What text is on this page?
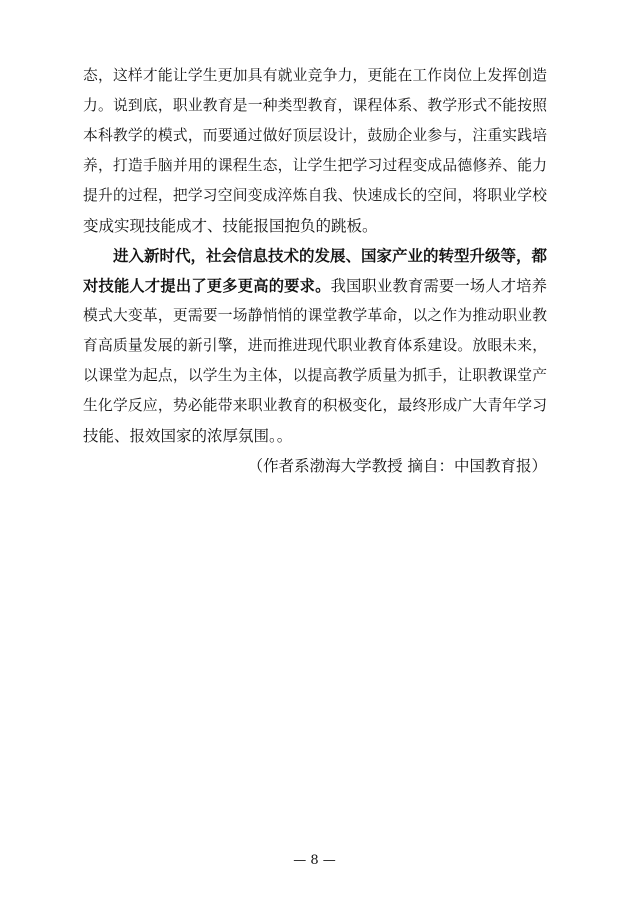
态，这样才能让学生更加具有就业竞争力，更能在工作岗位上发挥创造
力。说到底，职业教育是一种类型教育，课程体系、教学形式不能按照
本科教学的模式，而要通过做好顶层设计，鼓励企业参与，注重实践培
养，打造手脑并用的课程生态，让学生把学习过程变成品德修养、能力
提升的过程，把学习空间变成淬炼自我、快速成长的空间，将职业学校
变成实现技能成才、技能报国抱负的跳板。
进入新时代，社会信息技术的发展、国家产业的转型升级等，都
对技能人才提出了更多更高的要求。我国职业教育需要一场人才培养
模式大变革，更需要一场静悄悄的课堂教学革命，以之作为推动职业教
育高质量发展的新引擎，进而推进现代职业教育体系建设。放眼未来，
以课堂为起点，以学生为主体，以提高教学质量为抓手，让职教课堂产
生化学反应，势必能带来职业教育的积极变化，最终形成广大青年学习
技能、报效国家的浓厚氛围。。
（作者系渤海大学教授 摘自：中国教育报）
— 8 —
